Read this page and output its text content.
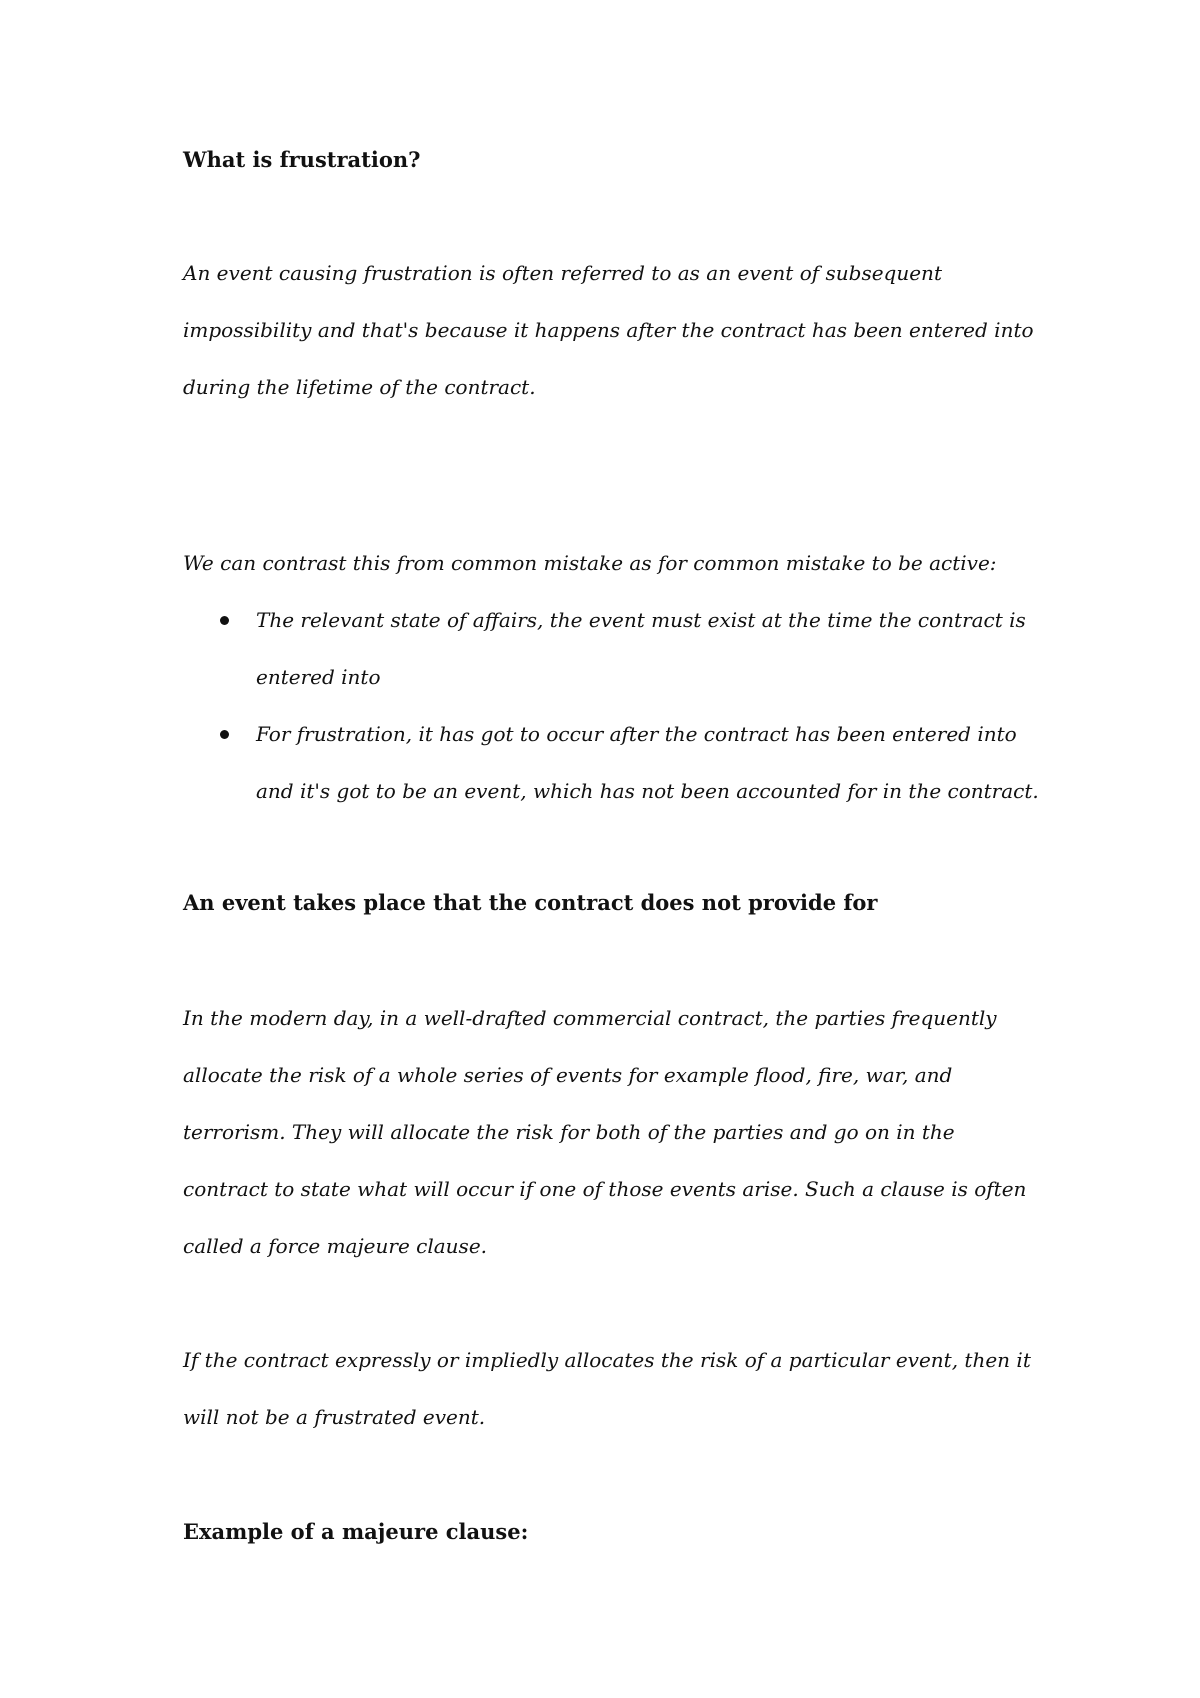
What is frustration?
An event causing frustration is often referred to as an event of subsequent
impossibility and that's because it happens after the contract has been entered into
during the lifetime of the contract.
We can contrast this from common mistake as for common mistake to be active:
The relevant state of affairs, the event must exist at the time the contract is
entered into
For frustration, it has got to occur after the contract has been entered into
and it's got to be an event, which has not been accounted for in the contract.
An event takes place that the contract does not provide for
In the modern day, in a well-drafted commercial contract, the parties frequently
allocate the risk of a whole series of events for example flood, fire, war, and
terrorism. They will allocate the risk for both of the parties and go on in the
contract to state what will occur if one of those events arise. Such a clause is often
called a force majeure clause.
If the contract expressly or impliedly allocates the risk of a particular event, then it
will not be a frustrated event.
Example of a majeure clause:
